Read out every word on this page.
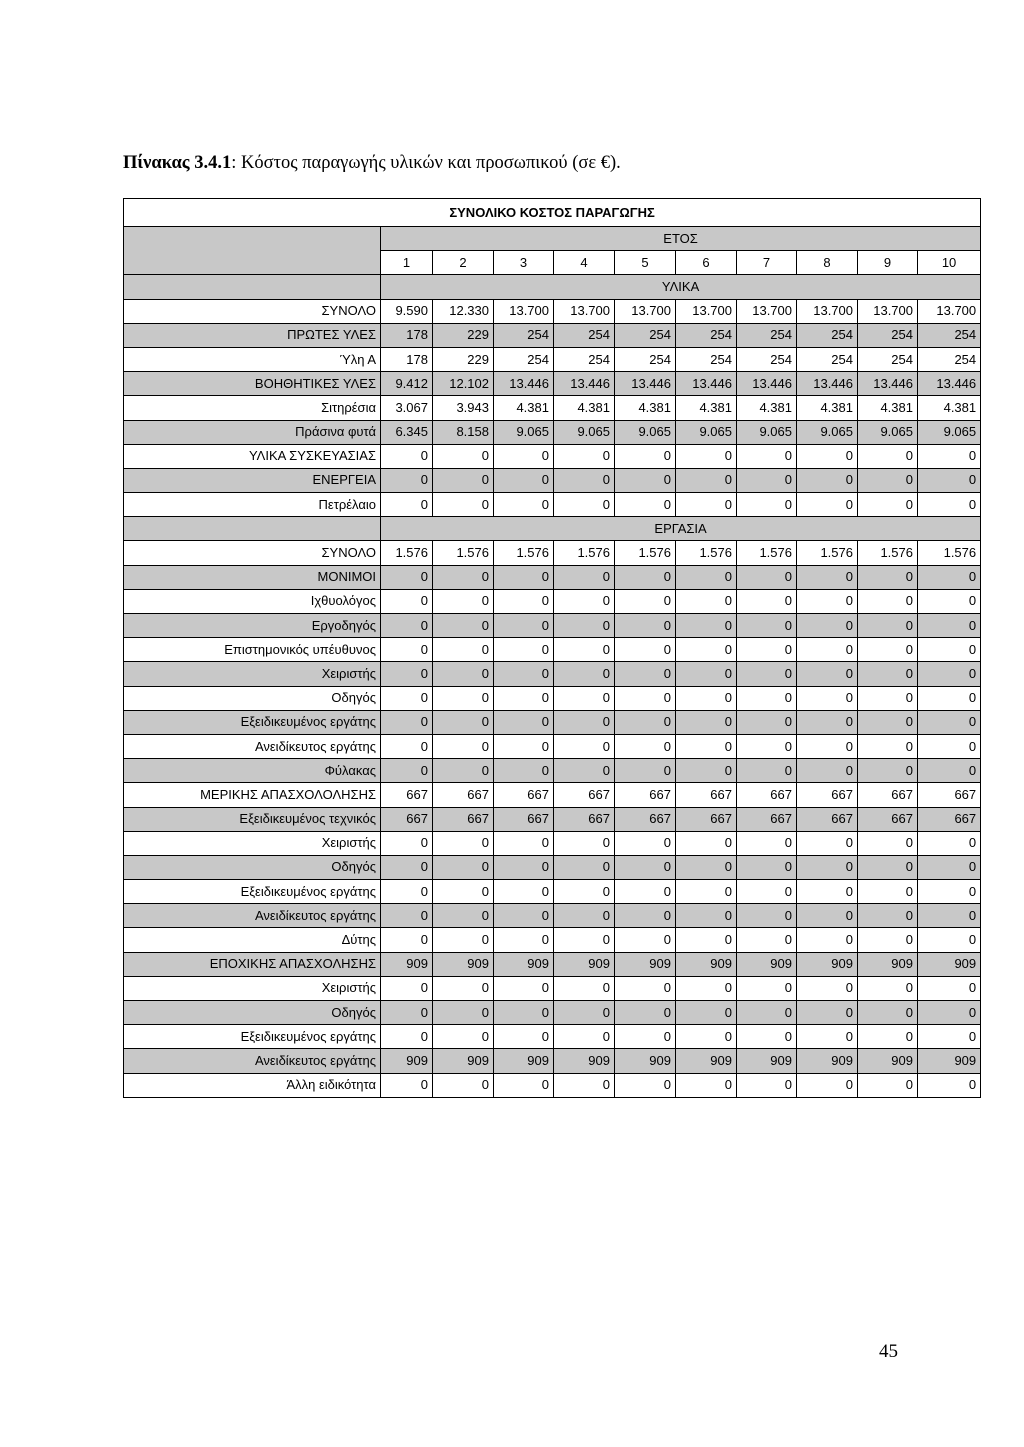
Πίνακας 3.4.1: Κόστος παραγωγής υλικών και προσωπικού (σε €).
ΣΥΝΟΛΙΚΟ ΚΟΣΤΟΣ ΠΑΡΑΓΩΓΗΣ										
	ΕΤΟΣ									
	1	2	3	4	5	6	7	8	9	10
	ΥΛΙΚΑ									
ΣΥΝΟΛΟ	9.590	12.330	13.700	13.700	13.700	13.700	13.700	13.700	13.700	13.700
ΠΡΩΤΕΣ ΥΛΕΣ	178	229	254	254	254	254	254	254	254	254
Ύλη Α	178	229	254	254	254	254	254	254	254	254
ΒΟΗΘΗΤΙΚΕΣ ΥΛΕΣ	9.412	12.102	13.446	13.446	13.446	13.446	13.446	13.446	13.446	13.446
Σιτηρέσια	3.067	3.943	4.381	4.381	4.381	4.381	4.381	4.381	4.381	4.381
Πράσινα φυτά	6.345	8.158	9.065	9.065	9.065	9.065	9.065	9.065	9.065	9.065
ΥΛΙΚΑ ΣΥΣΚΕΥΑΣΙΑΣ	0	0	0	0	0	0	0	0	0	0
ΕΝΕΡΓΕΙΑ	0	0	0	0	0	0	0	0	0	0
Πετρέλαιο	0	0	0	0	0	0	0	0	0	0
	ΕΡΓΑΣΙΑ									
ΣΥΝΟΛΟ	1.576	1.576	1.576	1.576	1.576	1.576	1.576	1.576	1.576	1.576
ΜΟΝΙΜΟΙ	0	0	0	0	0	0	0	0	0	0
Ιχθυολόγος	0	0	0	0	0	0	0	0	0	0
Εργοδηγός	0	0	0	0	0	0	0	0	0	0
Επιστημονικός υπέυθυνος	0	0	0	0	0	0	0	0	0	0
Χειριστής	0	0	0	0	0	0	0	0	0	0
Οδηγός	0	0	0	0	0	0	0	0	0	0
Εξειδικευμένος εργάτης	0	0	0	0	0	0	0	0	0	0
Ανειδίκευτος εργάτης	0	0	0	0	0	0	0	0	0	0
Φύλακας	0	0	0	0	0	0	0	0	0	0
ΜΕΡΙΚΗΣ ΑΠΑΣΧΟΛΟΛΗΣΗΣ	667	667	667	667	667	667	667	667	667	667
Εξειδικευμένος τεχνικός	667	667	667	667	667	667	667	667	667	667
Χειριστής	0	0	0	0	0	0	0	0	0	0
Οδηγός	0	0	0	0	0	0	0	0	0	0
Εξειδικευμένος εργάτης	0	0	0	0	0	0	0	0	0	0
Ανειδίκευτος εργάτης	0	0	0	0	0	0	0	0	0	0
Δύτης	0	0	0	0	0	0	0	0	0	0
ΕΠΟΧΙΚΗΣ ΑΠΑΣΧΟΛΗΣΗΣ	909	909	909	909	909	909	909	909	909	909
Χειριστής	0	0	0	0	0	0	0	0	0	0
Οδηγός	0	0	0	0	0	0	0	0	0	0
Εξειδικευμένος εργάτης	0	0	0	0	0	0	0	0	0	0
Ανειδίκευτος εργάτης	909	909	909	909	909	909	909	909	909	909
Άλλη ειδικότητα	0	0	0	0	0	0	0	0	0	0
45
